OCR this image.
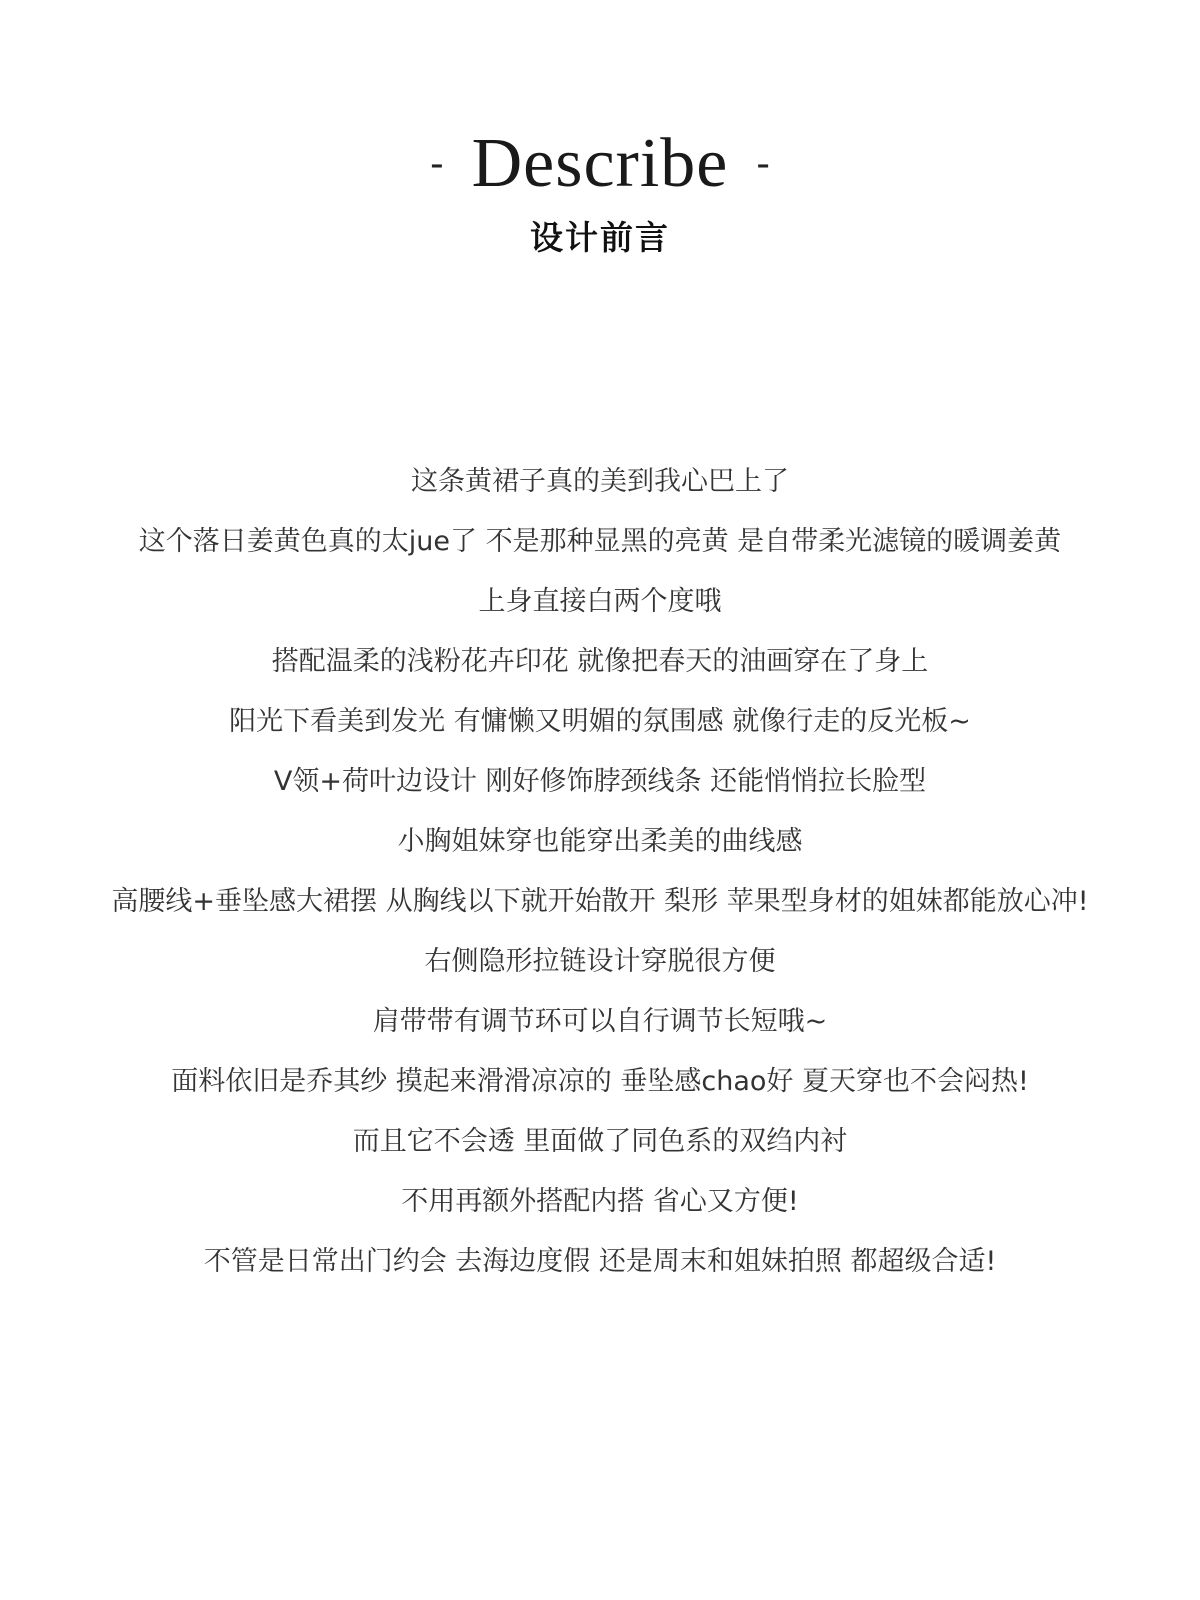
- Describe -
设计前言
这条黄裙子真的美到我心巴上了
这个落日姜黄色真的太jue了 不是那种显黑的亮黄 是自带柔光滤镜的暖调姜黄
上身直接白两个度哦
搭配温柔的浅粉花卉印花 就像把春天的油画穿在了身上
阳光下看美到发光 有慵懒又明媚的氛围感 就像行走的反光板~
V领+荷叶边设计 刚好修饰脖颈线条 还能悄悄拉长脸型
小胸姐妹穿也能穿出柔美的曲线感
高腰线+垂坠感大裙摆 从胸线以下就开始散开 梨形 苹果型身材的姐妹都能放心冲!
右侧隐形拉链设计穿脱很方便
肩带带有调节环可以自行调节长短哦~
面料依旧是乔其纱 摸起来滑滑凉凉的 垂坠感chao好 夏天穿也不会闷热!
而且它不会透 里面做了同色系的双绉内衬
不用再额外搭配内搭 省心又方便!
不管是日常出门约会 去海边度假 还是周末和姐妹拍照 都超级合适!
